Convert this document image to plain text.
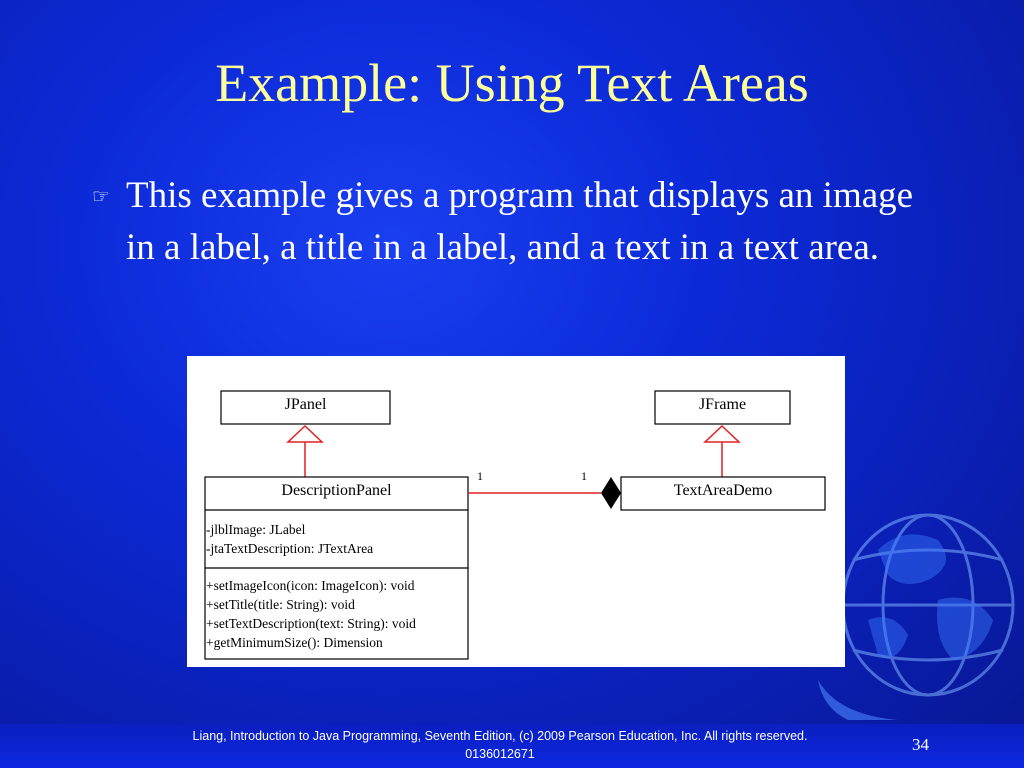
Example: Using Text Areas
☞ This example gives a program that displays an image in a label, a title in a label, and a text in a text area.
JPanel	JFrame
DescriptionPanel	TextAreaDemo
1	1
-jlblImage: JLabel
-jtaTextDescription: JTextArea
+setImageIcon(icon: ImageIcon): void
+setTitle(title: String): void
+setTextDescription(text: String): void
+getMinimumSize(): Dimension
Liang, Introduction to Java Programming, Seventh Edition, (c) 2009 Pearson Education, Inc. All rights reserved. 0136012671	34
